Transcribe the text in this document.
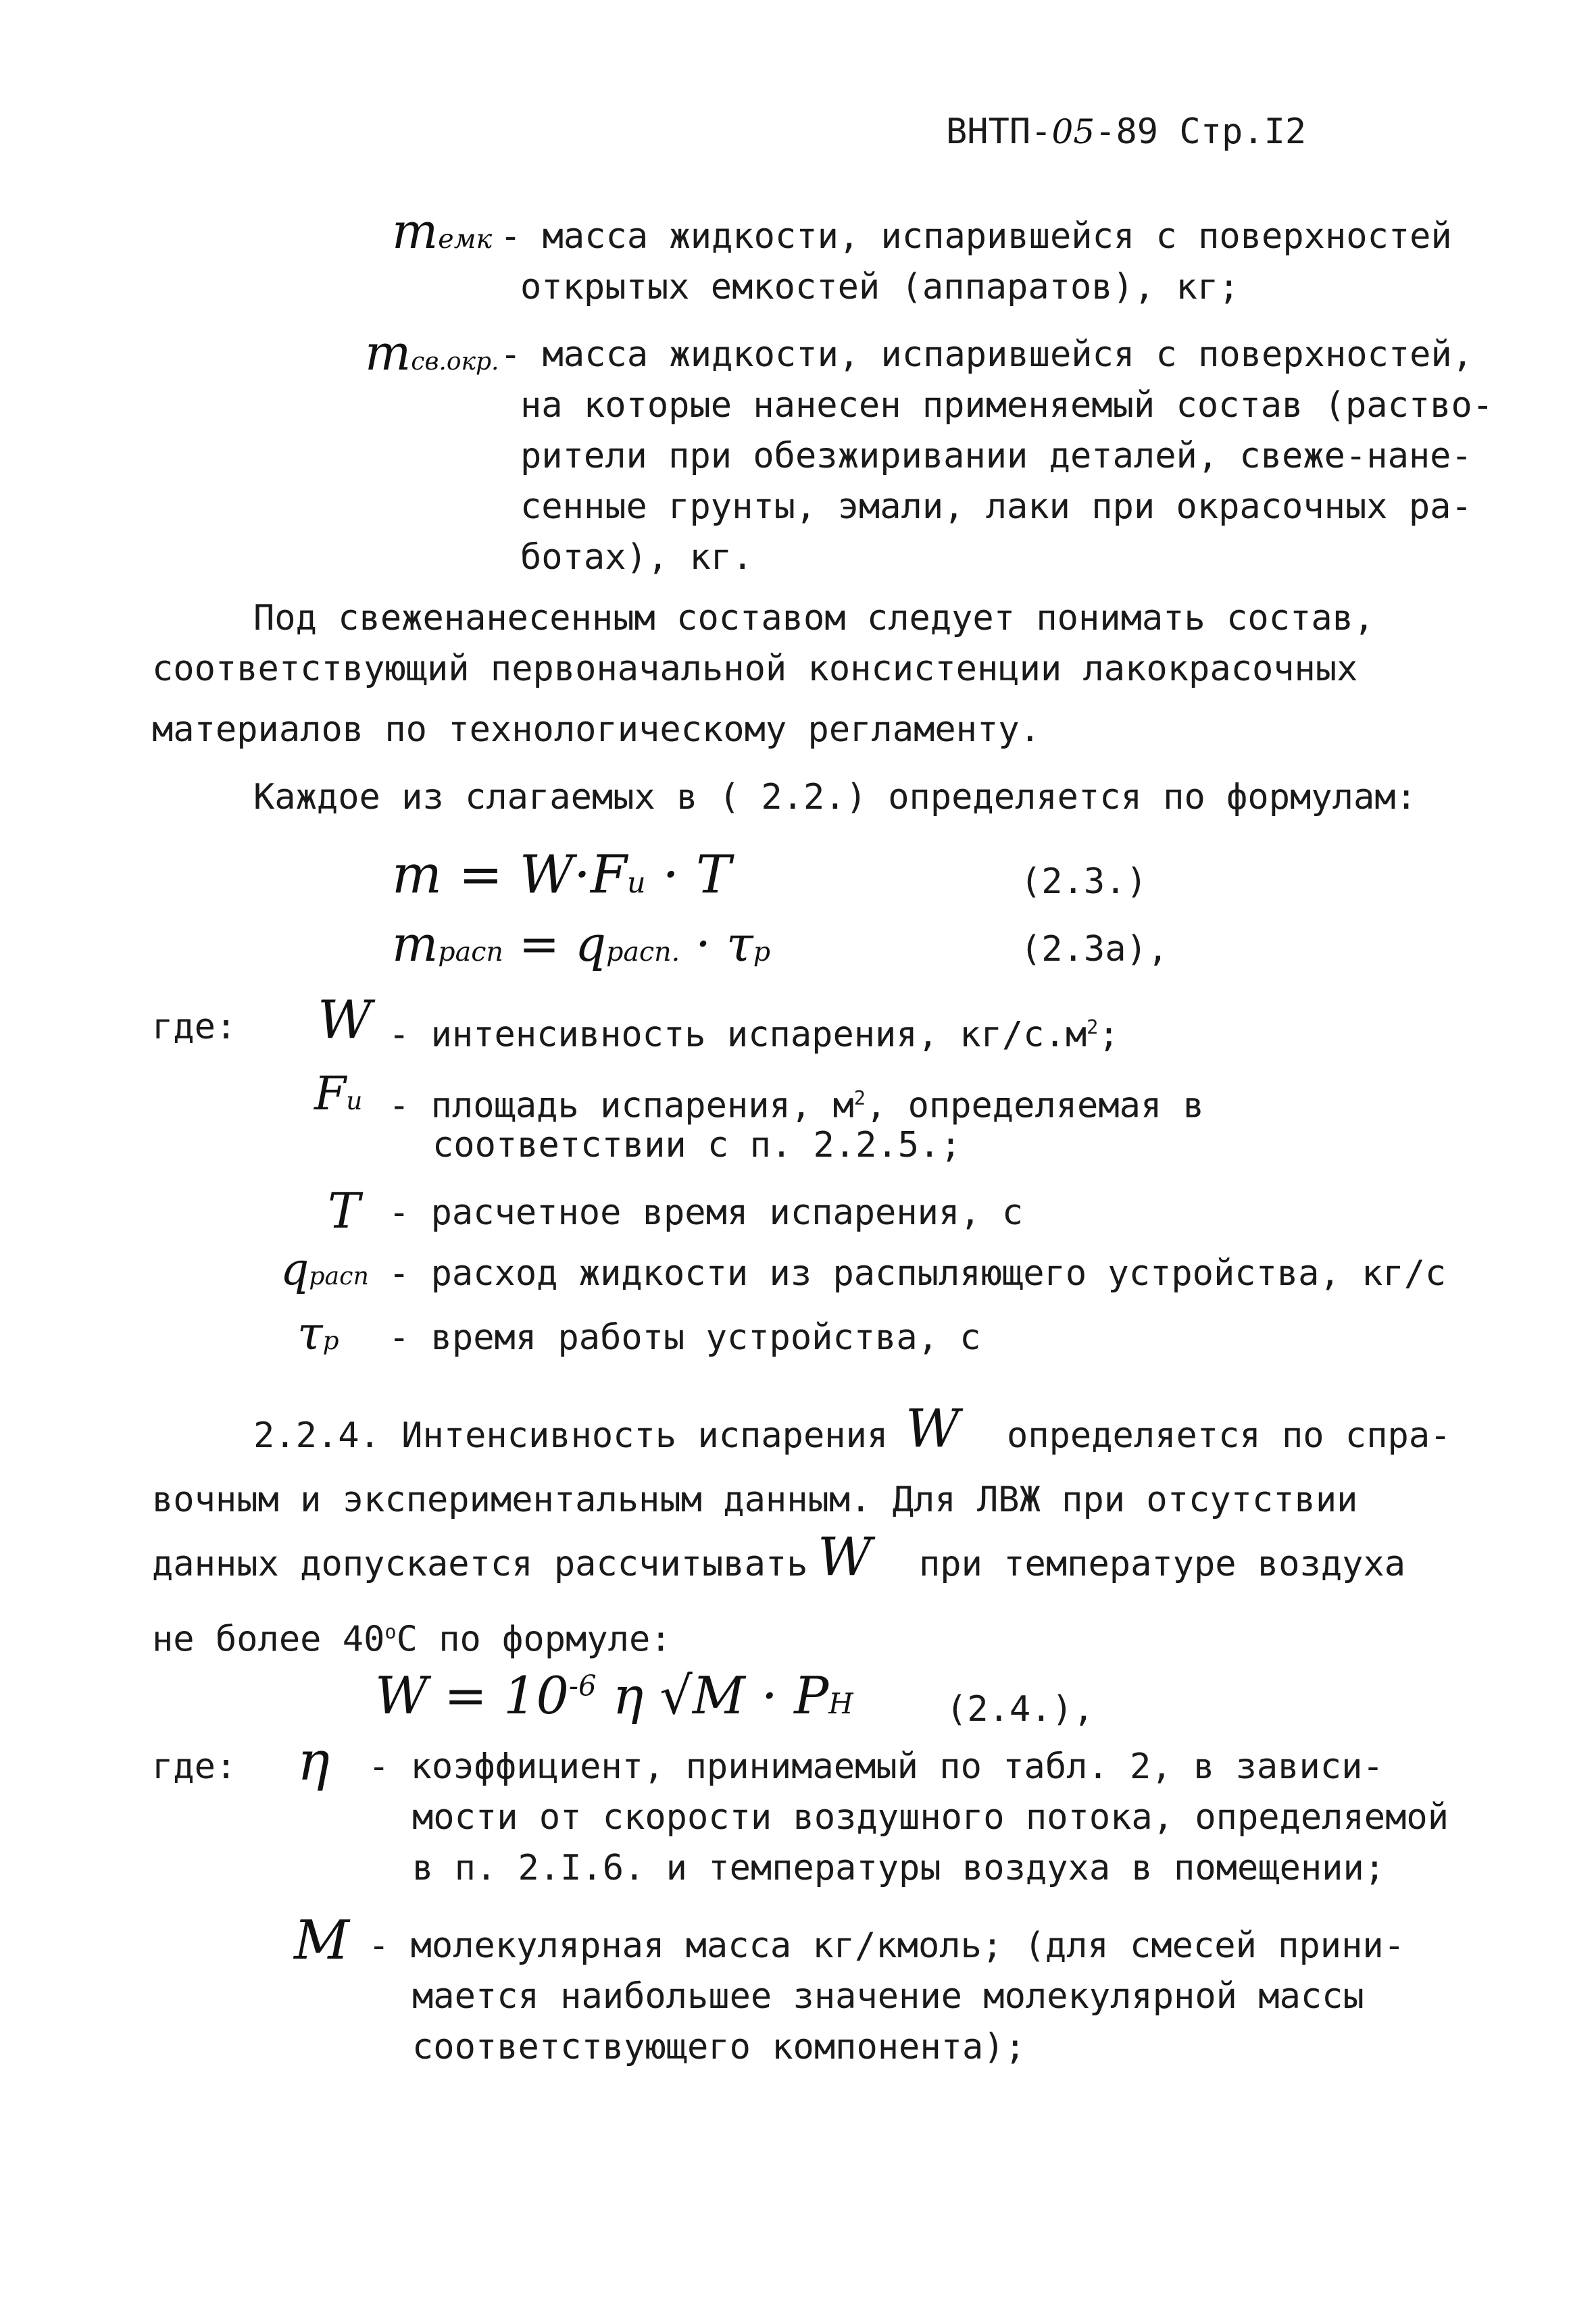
ВНТП-05-89 Стр.I2
mемк - масса жидкости, испарившейся с поверхностей
открытых емкостей (аппаратов), кг;
mсв.окр. - масса жидкости, испарившейся с поверхностей,
на которые нанесен применяемый состав (раство-
рители при обезжиривании деталей, свеже-нане-
сенные грунты, эмали, лаки при окрасочных ра-
ботах), кг.
Под свеженанесенным составом следует понимать состав,
соответствующий первоначальной консистенции лакокрасочных
материалов по технологическому регламенту.
Каждое из слагаемых в ( 2.2.) определяется по формулам:
m = W·Fи · T	(2.3.)
mрасп = qрасп. · τр	(2.3а),
где: W - интенсивность испарения, $кг/с.м^2$;
Fи - площадь испарения, $м^2$, определяемая в
соответствии с п. 2.2.5.;
T - расчетное время испарения, с
qрасп - расход жидкости из распыляющего устройства, кг/с
τр - время работы устройства, с
2.2.4. Интенсивность испарения W определяется по спра-
вочным и экспериментальным данным. Для ЛВЖ при отсутствии
данных допускается рассчитывать W при температуре воздуха
не более $40^оС$ по формуле:
$W = 10^{-6}$ η √M · PH	(2.4.),
где: η - коэффициент, принимаемый по табл. 2, в зависи-
мости от скорости воздушного потока, определяемой
в п. 2.I.6. и температуры воздуха в помещении;
M - молекулярная масса кг/кмоль; (для смесей прини-
мается наибольшее значение молекулярной массы
соответствующего компонента);
